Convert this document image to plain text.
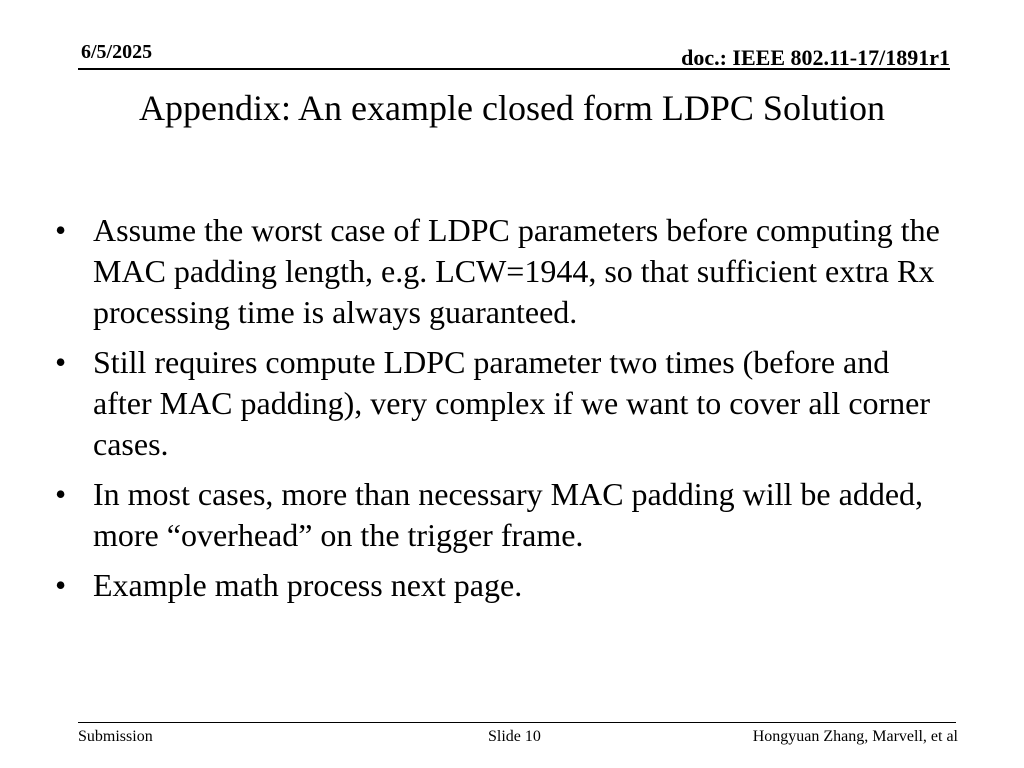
6/5/2025	doc.: IEEE 802.11-17/1891r1
Appendix: An example closed form LDPC Solution
• Assume the worst case of LDPC parameters before computing the MAC padding length, e.g. LCW=1944, so that sufficient extra Rx processing time is always guaranteed.
• Still requires compute LDPC parameter two times (before and after MAC padding), very complex if we want to cover all corner cases.
• In most cases, more than necessary MAC padding will be added, more “overhead” on the trigger frame.
• Example math process next page.
Submission	Slide 10	Hongyuan Zhang, Marvell, et al
